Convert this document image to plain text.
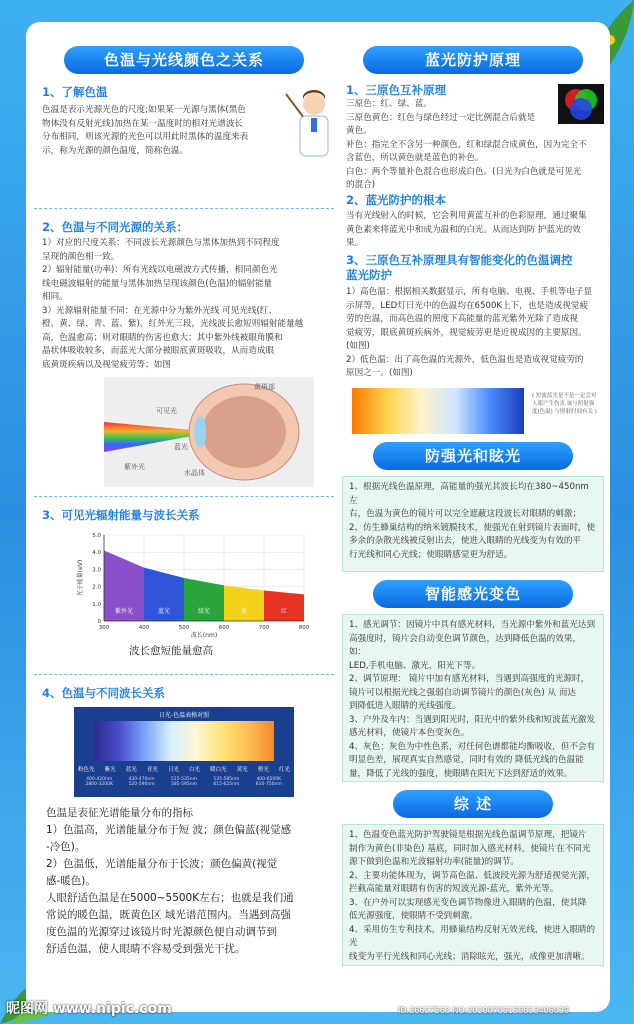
色温与光线颜色之关系

1、了解色温

色温是表示光源光色的尺度;如果某一光源与黑体(黑色

物体没有反射光线)加热在某一温度时的相对光谱波长

分布相同，则该光源的光色可以用此时黑体的温度来表

示，称为光源的颜色温度，简称色温。

2、色温与不同光源的关系：

1）对应的尺度关系：不同波长光源颜色与黑体加热到不同程度

呈现的颜色相一致。

2）辐射能量(功率)：所有光线以电磁波方式传播，相同颜色光

线电磁波辐射的能量与黑体加热呈现该颜色(色温)的辐射能量

相同。

3）光源辐射能量不同：在光源中分为紫外光线 可见光线(红、

橙、黄、绿、青、蓝、紫)，红外光三段，光线波长愈短则辐射能量越

高，色温愈高；则对眼睛的伤害也愈大；其中紫外线被眼角膜和

晶状体吸收较多，而蓝光大部分被眼底黄斑吸收，从而造成眼

底黄斑疾病以及视觉疲劳等；如图

黄斑部
可见光
紫外光
蓝光
水晶体

3、可见光辐射能量与波长关系

紫外光	蓝光	绿光	黄	红
0
1.0
2.0
3.0
4.0
5.0
300	400	500	600	700	800
波长(nm)
光子能量(eV)

波长愈短能量愈高

4、色温与不同波长关系

日光-色温表格对照
粉色光 紫光 蓝光 青光 日光 白光 暖白光 黄光 橙光 红光
400-420nm	430-470nm	515-535nm	535-585nm	400-6500K
2800-3200K	520-590nm	585-595nm	615-625nm	610-750nm

色温是表征光谱能量分布的指标

1）色温高，光谱能量分布于短 波；颜色偏蓝(视觉感

-冷色)。

2）色温低，光谱能量分布于长波；颜色偏黄(视觉

感-暖色)。

人眼舒适色温是在5000~5500K左右；也就是我们通

常说的暖色温，既黄色区 域光谱范围内。当遇到高强

度色温的光源穿过该镜片时光源颜色便自动调节到

舒适色温，使人眼睛不容易受到强光干扰。

蓝光防护原理

1、三原色互补原理

三原色：红、绿、蓝。

三原色黄色：红色与绿色经过一定比例混合后就是

黄色。

补色：指完全不含另一种颜色，红和绿混合成黄色，因为完全不

含蓝色，所以黄色就是蓝色的补色。

白色：两个等量补色混合也形成白色。(日光为白色就是可见光

的混合)

2、蓝光防护的根本

当有光线射入的时候，它会利用黄蓝互补的色彩原理，通过聚集

黄色素来将蓝光中和成为温和的白光。从而达到防 护蓝光的效

果。

3、三原色互补原理具有智能变化的色温调控

蓝光防护

1）高色温：根据相关数据显示，所有电脑、电视、手机等电子显

示屏等，LED灯日光中的色温均在6500K上下，也是造成视觉疲

劳的色温，而高色温的照度下高能量的蓝光紫外光除了造成视

觉疲劳，眼底黄斑疾病外，视觉疲劳更是近视成因的主要原因。

(如图)

2）低色温：出了高色温的光源外，低色温也是造成视觉疲劳的

原因之一。(如图)

( 短波蓝光是不是一定会对
人眼产生伤害,该与照射强
度(色温) 与照射时间有关 )
防强光和眩光

1、根据光线色温原理，高能量的强光其波长均在380~450nm左

右，色温为黄色的镜片可以完全遮蔽这段波长对眼睛的刺激；

2、仿生蜂巢结构的纳米镀膜技术，使强光在射到镜片表面时，使

多余的杂散光线被反射出去，使进入眼睛的光线变为有效的平

行光线和同心光线；使眼睛感觉更为舒适。

智能感光变色

1、感光调节：因镜片中具有感光材料，当光源中紫外和蓝光达到

高强度时，镜片会自动变色调节颜色，达到降低色温的效果，如：

LED,手机电脑、激光，阳光下等。

2、调节原理： 镜片中加有感光材料，当遇到高强度的光源时，

镜片可以根据光线之强弱自动调节镜片的颜色(灰色) 从 而达

到降低进入眼睛的光线强度。

3、户外及车内：当遇到阳光时，阳光中的紫外线和短波蓝光激发

感光材料，使镜片本色变灰色。

4、灰色：灰色为中性色系，对任何色谱都能均衡吸收，但不会有

明显色差，展现真实自然感觉，同时有效的 降低光线的色温能

量，降低了光线的强度，使眼睛在阳光下达到舒适的效果。

综 述

1、色温变色蓝光防护驾驶镜是根据光线色温调节原理，把镜片

制作为黄色(非染色) 基底，同时加入感光材料，使镜片在不同光

源下做到色温和光波辐射功率(能量)的调节。

2、主要功能体现为，调节高色温、低波段光源为舒适视觉光源，

拦截高能量对眼睛有伤害的短波光源-蓝光，紫外光等。

3、在户外可以实现感光变色调节物像进入眼睛的色温，使其降

低光源强度，使眼睛不受到刺激。

4、采用仿生专利技术，用蜂巢结构反射无效光线，使进入眼睛的光

线变为平行光线和同心光线；消除眩光，强光，成像更加清晰。

昵图网 www.nipic.com	ID:26627563 NO:20200703155813406039
